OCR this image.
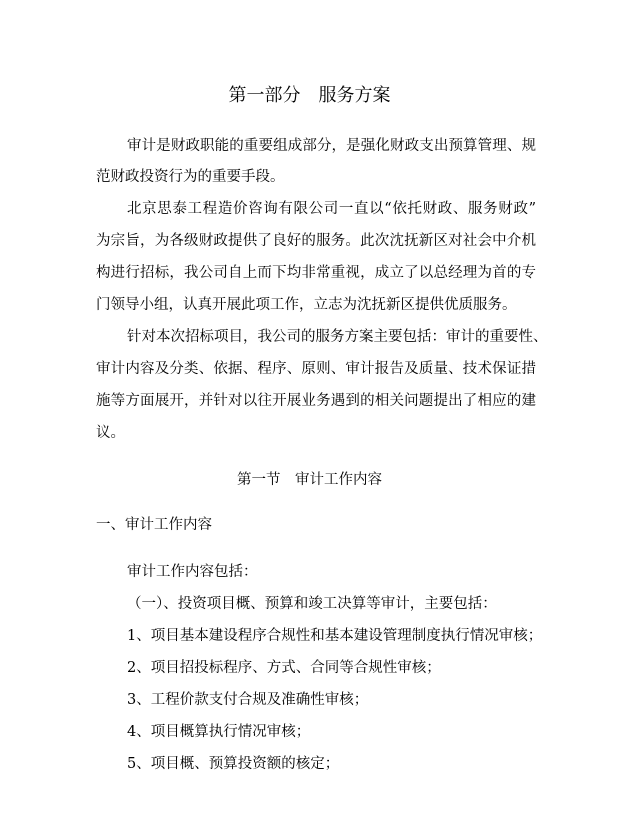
第一部分　服务方案
审计是财政职能的重要组成部分，是强化财政支出预算管理、规
范财政投资行为的重要手段。
北京思泰工程造价咨询有限公司一直以“依托财政、服务财政”
为宗旨，为各级财政提供了良好的服务。此次沈抚新区对社会中介机
构进行招标，我公司自上而下均非常重视，成立了以总经理为首的专
门领导小组，认真开展此项工作，立志为沈抚新区提供优质服务。
针对本次招标项目，我公司的服务方案主要包括：审计的重要性、
审计内容及分类、依据、程序、原则、审计报告及质量、技术保证措
施等方面展开，并针对以往开展业务遇到的相关问题提出了相应的建
议。
第一节　审计工作内容
一、审计工作内容
审计工作内容包括：
（一）、投资项目概、预算和竣工决算等审计，主要包括：
1、项目基本建设程序合规性和基本建设管理制度执行情况审核；
2、项目招投标程序、方式、合同等合规性审核；
3、工程价款支付合规及准确性审核；
4、项目概算执行情况审核；
5、项目概、预算投资额的核定；
